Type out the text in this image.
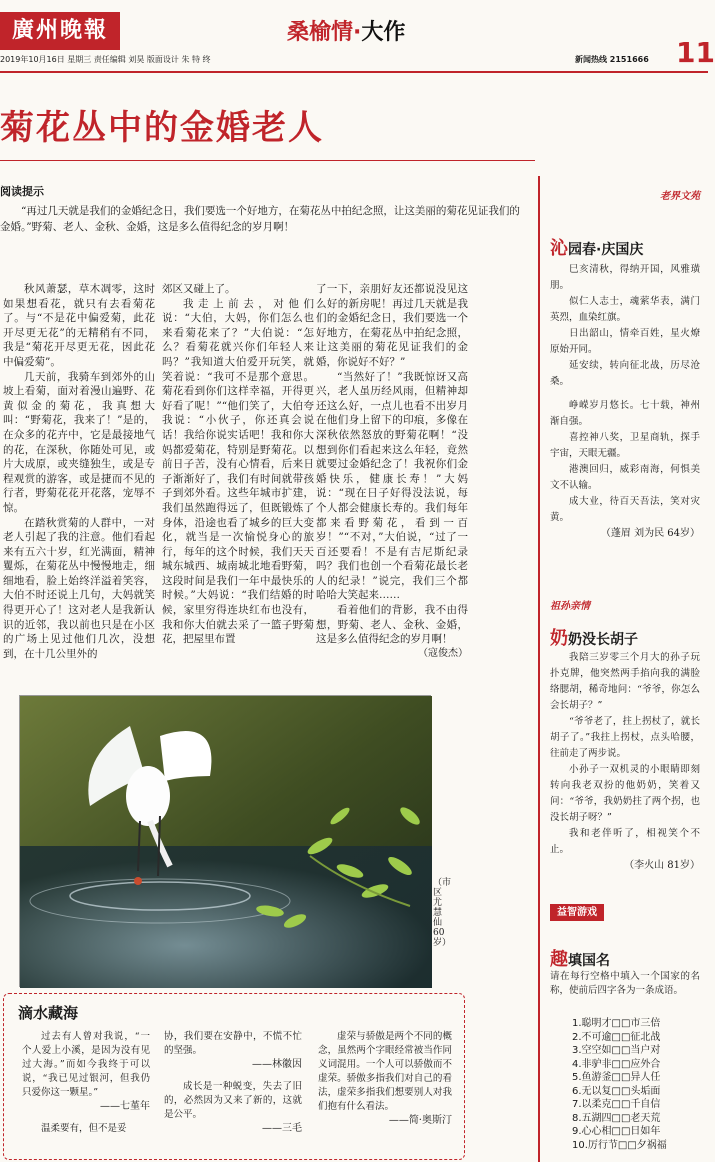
廣州晚報	桑榆情·大作
11
2019年10月16日 星期三 责任编辑 刘昊 版面设计 朱 特 终	新闻热线 2151666
菊花丛中的金婚老人
阅读提示
“再过几天就是我们的金婚纪念日，我们要选一个好地方，在菊花丛中拍纪念照，让这美丽的菊花见证我们的金婚。”野菊、老人、金秋、金婚，这是多么值得纪念的岁月啊！

秋风萧瑟，草木凋零，这时如果想看花，就只有去看菊花了。与“不是花中偏爱菊，此花开尽更无花”的无精稍有不同，我是“菊花开尽更无花，因此花中偏爱菊”。

几天前，我骑车到郊外的山坡上看菊，面对着漫山遍野、花黄似金的菊花，我真想大叫：“野菊花，我来了！”是的，在众多的花卉中，它是最接地气的花，在深秋，你随处可见，或片大成原，或夹缝独生，或是专程观赏的游客，或是捷而不见的行者，野菊花花开花落，宠辱不惊。

在踏秋赏菊的人群中，一对老人引起了我的注意。他们看起来有五六十岁，红光满面，精神矍烁，在菊花丛中慢慢地走，细细地看，脸上始终洋溢着笑容，大伯不时还说上几句，大妈就笑得更开心了！这对老人是我新认识的近邻，我以前也只是在小区的广场上见过他们几次，没想到，在十几公里外的

郊区又碰上了。

我走上前去，对他们说：“大伯，大妈，你们怎么也来看菊花来了？”大伯说：“怎么？看菊花就兴你们年轻人来吗？”我知道大伯爱开玩笑，就笑着说：“我可不是那个意思。菊花看到你们这样幸福，开得更好看了呢！”“他们笑了，大伯夸我说：“小伙子，你还真会说话！我给你说实话吧！我和你大妈都爱菊花，特别是野菊花。以前日子苦，没有心情看，后来日子渐渐好了，我们有时间就带孩子到郊外看。这些年城市扩建，我们虽然跑得远了，但既锻炼了身体，沿途也看了城乡的巨大变化，就当是一次愉悦身心的旅行，每年的这个时候，我们天天城东城西、城南城北地看野菊，这段时间是我们一年中最快乐的时候。”大妈说：“我们结婚的时候，家里穷得连块红布也没有，我和你大伯就去采了一篮子野菊花，把屋里布置

了一下，亲朋好友还都说没见这么好的新房呢！再过几天就是我们的金婚纪念日，我们要选一个好地方，在菊花丛中拍纪念照，让这美丽的菊花见证我们的金婚，你说好不好？”

“当然好了！”我既惊讶又高兴，老人虽历经风雨，但精神却还这么好，一点儿也看不出岁月在他们身上留下的印痕，多像在深秋依然怒放的野菊花啊！“没想到你们看起来这么年轻，竟然就要过金婚纪念了！我祝你们金婚快乐，健康长寿！”大妈说：“现在日子好得没法说，每个人都会健康长寿的。我们每年都来看野菊花，看到一百岁！”“不对，”大伯说，“过了一百还要看！不是有吉尼斯纪录吗？我们也创一个看菊花最长老人的纪录！”说完，我们三个都哈哈大笑起来……

看着他们的背影，我不由得想，野菊、老人、金秋、金婚，这是多么值得纪念的岁月啊！

（寇俊杰）
（市区 尤慧仙 60岁）
滴水藏海
过去有人曾对我说，“一个人爱上小溪，是因为没有见过大海。”而如今我终于可以说，“我已见过银河，但我仍只爱你这一颗星。”
——七堇年
温柔要有，但不是妥
协，我们要在安静中，不慌不忙的坚强。
——林徽因
成长是一种蜕变，失去了旧的，必然因为又来了新的，这就是公平。
——三毛
虚荣与骄傲是两个不同的概念，虽然两个字眼经常被当作同义词混用。一个人可以骄傲而不虚荣。骄傲多指我们对自己的看法，虚荣多指我们想要别人对我们抱有什么看法。
——简·奥斯汀
老界文苑
沁园春·庆国庆

巳亥清秋，得纳开国，风雅璜朋。

似仁人志士，魂萦华表，满门英烈，血染红旗。

日出韶山，情牵百姓，星火燎原始开同。

延安续，转向征北战，历尽沧桑。

峥嵘岁月悠长。七十载，神州渐自强。

喜控神八奖，卫星商轨，探手宇宙，天眼无疆。

港澳回归，威彩南海，何惧美文不认输。

成大业，待百天吾法，笑对灾黄。

（蓬眉 刘为民 64岁）
祖孙亲情
奶奶没长胡子

我陪三岁零三个月大的孙子玩扑克牌，他突然两手掐向我的满脸络腮胡，稀奇地问：“爷爷，你怎么会长胡子？”

“爷爷老了，拄上拐杖了，就长胡子了。”我拄上拐杖，点头哈腰，往前走了两步说。

小孙子一双机灵的小眼睛即刻转向我老双扮的他奶奶，笑着又问：“爷爷，我奶奶拄了两个拐，也没长胡子呀？”

我和老伴听了，相视笑个不止。

（李火山 81岁）
益智游戏
趣填国名
请在每行空格中填入一个国家的名称，使前后四字各为一条成语。
1.聪明才□□市三倍
2.不可逾□□征北战
3.空空如□□当户对
4.非驴非□□应外合
5.鱼游釜□□异人任
6.无以复□□头垢面
7.以柔克□□千自信
8.五湖四□□老天荒
9.心心相□□日如年
10.厉行节□□夕祸福
